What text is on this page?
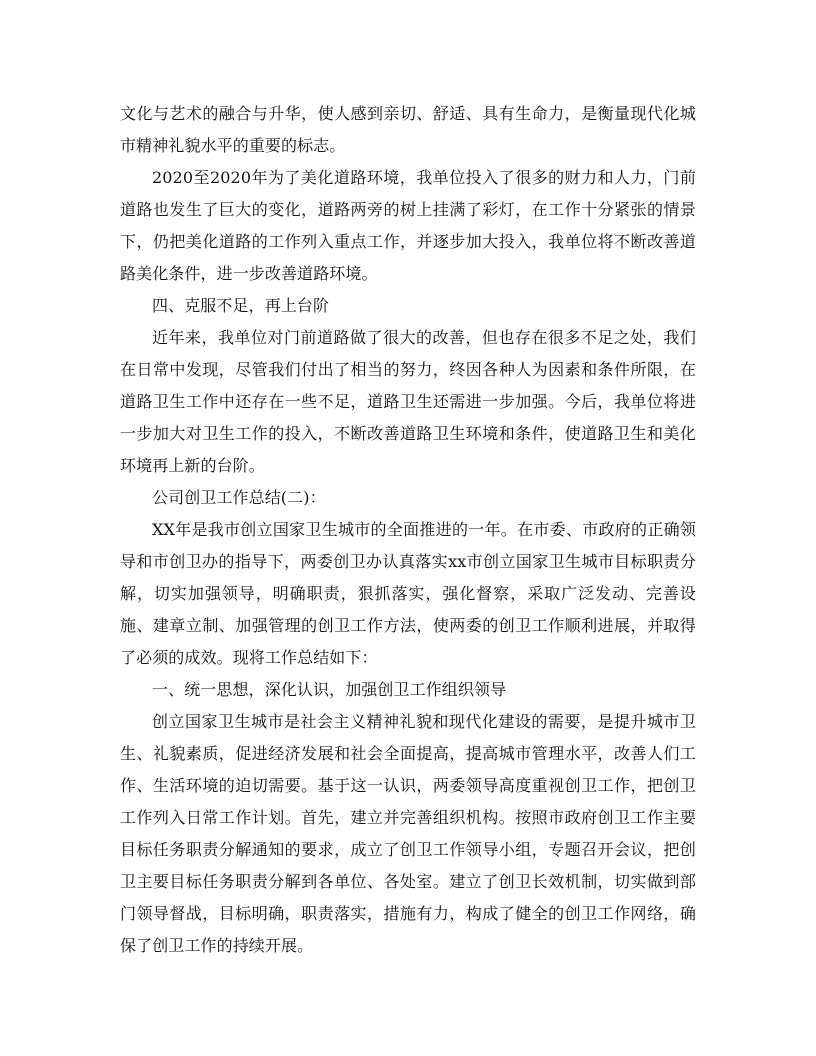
文化与艺术的融合与升华，使人感到亲切、舒适、具有生命力，是衡量现代化城市精神礼貌水平的重要的标志。

2020至2020年为了美化道路环境，我单位投入了很多的财力和人力，门前道路也发生了巨大的变化，道路两旁的树上挂满了彩灯，在工作十分紧张的情景下，仍把美化道路的工作列入重点工作，并逐步加大投入，我单位将不断改善道路美化条件，进一步改善道路环境。

四、克服不足，再上台阶

近年来，我单位对门前道路做了很大的改善，但也存在很多不足之处，我们在日常中发现，尽管我们付出了相当的努力，终因各种人为因素和条件所限，在道路卫生工作中还存在一些不足，道路卫生还需进一步加强。今后，我单位将进一步加大对卫生工作的投入，不断改善道路卫生环境和条件，使道路卫生和美化环境再上新的台阶。

公司创卫工作总结(二)：

XX年是我市创立国家卫生城市的全面推进的一年。在市委、市政府的正确领导和市创卫办的指导下，两委创卫办认真落实xx市创立国家卫生城市目标职责分解，切实加强领导，明确职责，狠抓落实，强化督察，采取广泛发动、完善设施、建章立制、加强管理的创卫工作方法，使两委的创卫工作顺利进展，并取得了必须的成效。现将工作总结如下：

一、统一思想，深化认识，加强创卫工作组织领导

创立国家卫生城市是社会主义精神礼貌和现代化建设的需要，是提升城市卫生、礼貌素质，促进经济发展和社会全面提高，提高城市管理水平，改善人们工作、生活环境的迫切需要。基于这一认识，两委领导高度重视创卫工作，把创卫工作列入日常工作计划。首先，建立并完善组织机构。按照市政府创卫工作主要目标任务职责分解通知的要求，成立了创卫工作领导小组，专题召开会议，把创卫主要目标任务职责分解到各单位、各处室。建立了创卫长效机制，切实做到部门领导督战，目标明确，职责落实，措施有力，构成了健全的创卫工作网络，确保了创卫工作的持续开展。
